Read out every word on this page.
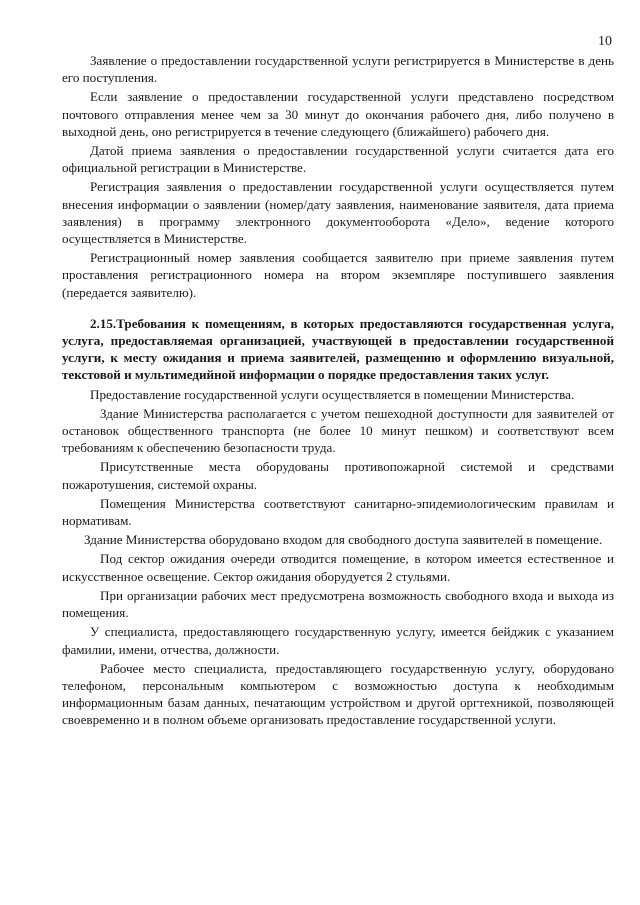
10

Заявление о предоставлении государственной услуги регистрируется в Министерстве в день его поступления.

Если заявление о предоставлении государственной услуги представлено посредством почтового отправления менее чем за 30 минут до окончания рабочего дня, либо получено в выходной день, оно регистрируется в течение следующего (ближайшего) рабочего дня.

Датой приема заявления о предоставлении государственной услуги считается дата его официальной регистрации в Министерстве.

Регистрация заявления о предоставлении государственной услуги осуществляется путем внесения информации о заявлении (номер/дату заявления, наименование заявителя, дата приема заявления) в программу электронного документооборота «Дело», ведение которого осуществляется в Министерстве.

Регистрационный номер заявления сообщается заявителю при приеме заявления путем проставления регистрационного номера на втором экземпляре поступившего заявления (передается заявителю).

2.15.Требования к помещениям, в которых предоставляются государственная услуга, услуга, предоставляемая организацией, участвующей в предоставлении государственной услуги, к месту ожидания и приема заявителей, размещению и оформлению визуальной, текстовой и мультимедийной информации о порядке предоставления таких услуг.

Предоставление государственной услуги осуществляется в помещении Министерства.

Здание Министерства располагается с учетом пешеходной доступности для заявителей от остановок общественного транспорта (не более 10 минут пешком) и соответствуют всем требованиям к обеспечению безопасности труда.

Присутственные места оборудованы противопожарной системой и средствами пожаротушения, системой охраны.

Помещения Министерства соответствуют санитарно-эпидемиологическим правилам и нормативам.

Здание Министерства оборудовано входом для свободного доступа заявителей в помещение.

Под сектор ожидания очереди отводится помещение, в котором имеется естественное и искусственное освещение. Сектор ожидания оборудуется 2 стульями.

При организации рабочих мест предусмотрена возможность свободного входа и выхода из помещения.

У специалиста, предоставляющего государственную услугу, имеется бейджик с указанием фамилии, имени, отчества, должности.

Рабочее место специалиста, предоставляющего государственную услугу, оборудовано телефоном, персональным компьютером с возможностью доступа к необходимым информационным базам данных, печатающим устройством и другой оргтехникой, позволяющей своевременно и в полном объеме организовать предоставление государственной услуги.
